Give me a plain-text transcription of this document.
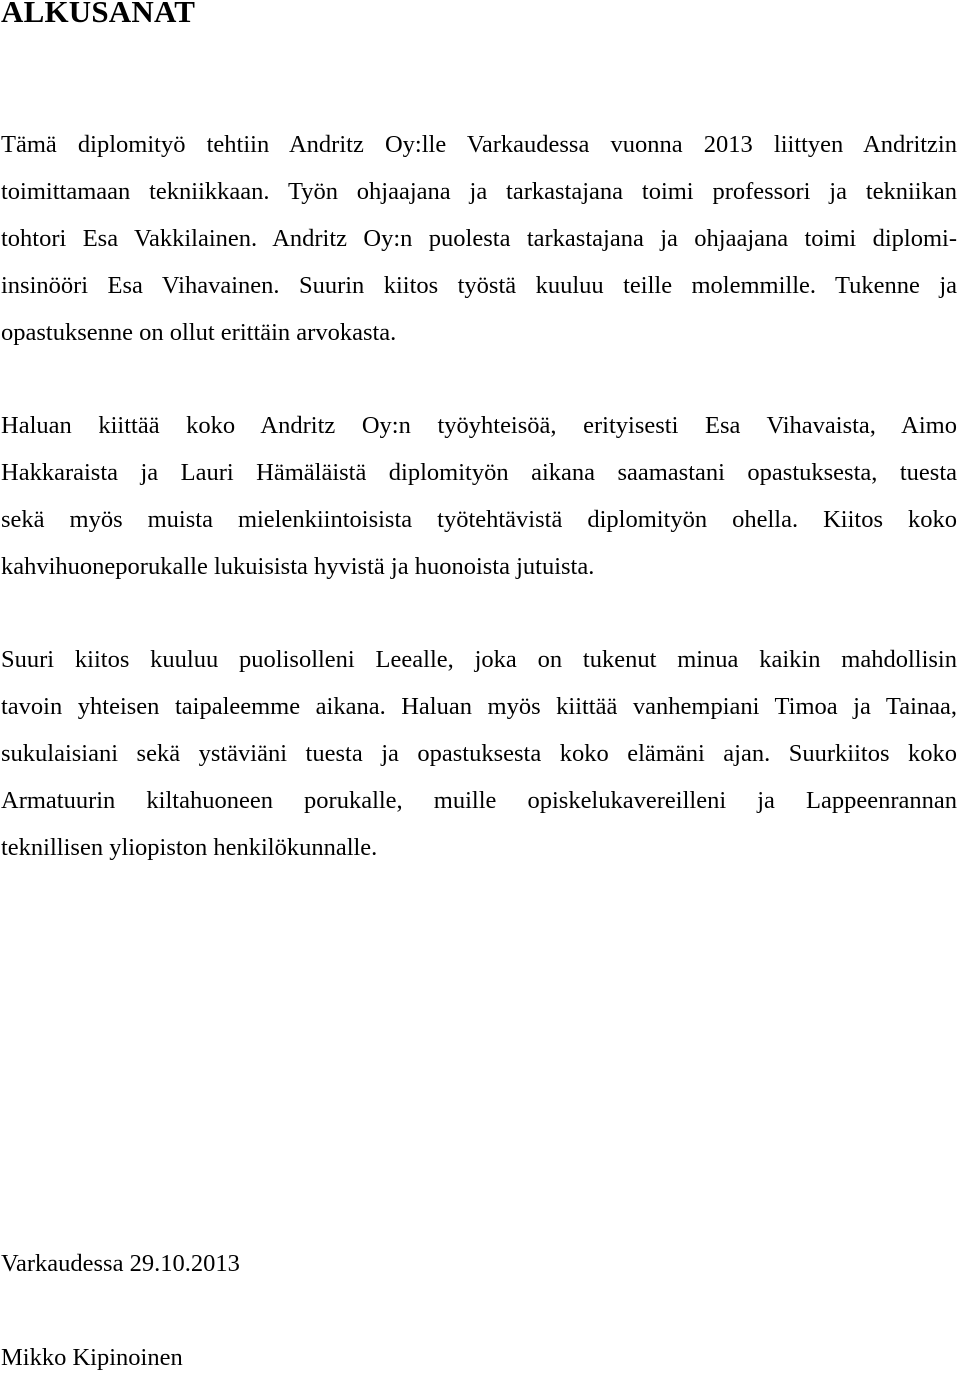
ALKUSANAT
Tämä diplomityö tehtiin Andritz Oy:lle Varkaudessa vuonna 2013 liittyen Andritzin
toimittamaan tekniikkaan. Työn ohjaajana ja tarkastajana toimi professori ja tekniikan
tohtori Esa Vakkilainen. Andritz Oy:n puolesta tarkastajana ja ohjaajana toimi diplomi-
insinööri Esa Vihavainen. Suurin kiitos työstä kuuluu teille molemmille. Tukenne ja
opastuksenne on ollut erittäin arvokasta.
Haluan kiittää koko Andritz Oy:n työyhteisöä, erityisesti Esa Vihavaista, Aimo
Hakkaraista ja Lauri Hämäläistä diplomityön aikana saamastani opastuksesta, tuesta
sekä myös muista mielenkiintoisista työtehtävistä diplomityön ohella. Kiitos koko
kahvihuoneporukalle lukuisista hyvistä ja huonoista jutuista.
Suuri kiitos kuuluu puolisolleni Leealle, joka on tukenut minua kaikin mahdollisin
tavoin yhteisen taipaleemme aikana. Haluan myös kiittää vanhempiani Timoa ja Tainaa,
sukulaisiani sekä ystäviäni tuesta ja opastuksesta koko elämäni ajan. Suurkiitos koko
Armatuurin kiltahuoneen porukalle, muille opiskelukavereilleni ja Lappeenrannan
teknillisen yliopiston henkilökunnalle.

Varkaudessa 29.10.2013

Mikko Kipinoinen
